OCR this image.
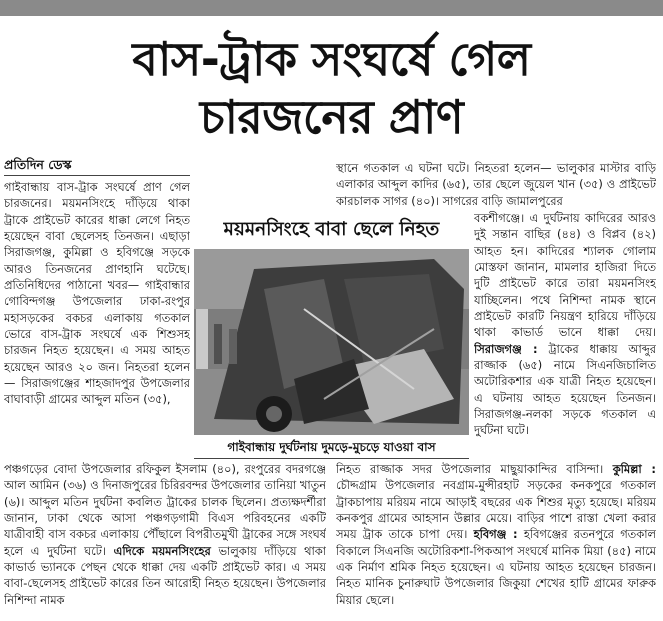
বাস-ট্রাক সংঘর্ষে গেল
চারজনের প্রাণ
প্রতিদিন ডেস্ক

গাইবান্ধায় বাস-ট্রাক সংঘর্ষে প্রাণ গেল চারজনের। ময়মনসিংহে দাঁড়িয়ে থাকা ট্রাকে প্রাইভেট কারের ধাক্কা লেগে নিহত হয়েছেন বাবা ছেলেসহ তিনজন। এছাড়া সিরাজগঞ্জ, কুমিল্লা ও হবিগঞ্জে সড়কে আরও তিনজনের প্রাণহানি ঘটেছে। প্রতিনিধিদের পাঠানো খবর— গাইবান্ধার গোবিন্দগঞ্জ উপজেলার ঢাকা-রংপুর মহাসড়কের বকচর এলাকায় গতকাল ভোরে বাস-ট্রাক সংঘর্ষে এক শিশুসহ চারজন নিহত হয়েছেন। এ সময় আহত হয়েছেন আরও ২০ জন। নিহতরা হলেন— সিরাজগঞ্জের শাহজাদপুর উপজেলার বাঘাবাড়ী গ্রামের আব্দুল মতিন (৩৫),

স্থানে গতকাল এ ঘটনা ঘটে। নিহতরা হলেন— ভালুকার মাস্টার বাড়ি এলাকার আব্দুল কাদির (৬৫), তার ছেলে জুয়েল খান (৩৫) ও প্রাইভেট কারচালক সাগর (৪০)। সাগরের বাড়ি জামালপুরের

ময়মনসিংহে বাবা ছেলে নিহত
গাইবান্ধায় দুর্ঘটনায় দুমড়ে-মুচড়ে যাওয়া বাস

বকশীগঞ্জে। এ দুর্ঘটনায় কাদিরের আরও দুই সন্তান বাছির (৪৪) ও বিপ্লব (৪২) আহত হন। কাদিরের শ্যালক গোলাম মোস্তফা জানান, মামলার হাজিরা দিতে দুটি প্রাইভেট কারে তারা ময়মনসিংহ যাচ্ছিলেন। পথে নিশিন্দা নামক স্থানে প্রাইভেট কারটি নিয়ন্ত্রণ হারিয়ে দাঁড়িয়ে থাকা কাভার্ড ভানে ধাক্কা দেয়। সিরাজগঞ্জ : ট্রাকের ধাক্কায় আব্দুর রাজ্জাক (৬৫) নামে সিএনজিচালিত অটোরিকশার এক যাত্রী নিহত হয়েছেন। এ ঘটনায় আহত হয়েছেন তিনজন। সিরাজগঞ্জ-নলকা সড়কে গতকাল এ দুর্ঘটনা ঘটে।

পঞ্চগড়ের বোদা উপজেলার রফিকুল ইসলাম (৪০), রংপুরের বদরগঞ্জে আল আমিন (৩৬) ও দিনাজপুরের চিরিরবন্দর উপজেলার তানিয়া খাতুন (৬)। আব্দুল মতিন দুর্ঘটনা কবলিত ট্রাকের চালক ছিলেন। প্রত্যক্ষদর্শীরা জানান, ঢাকা থেকে আসা পঞ্চগড়গামী বিএস পরিবহনের একটি যাত্রীবাহী বাস বকচর এলাকায় পৌঁছালে বিপরীতমুখী ট্রাকের সঙ্গে সংঘর্ষ হলে এ দুর্ঘটনা ঘটে। এদিকে ময়মনসিংহের ভালুকায় দাঁড়িয়ে থাকা কাভার্ড ভ্যানকে পেছন থেকে ধাক্কা দেয় একটি প্রাইভেট কার। এ সময় বাবা-ছেলেসহ প্রাইভেট কারের তিন আরোহী নিহত হয়েছেন। উপজেলার নিশিন্দা নামক

নিহত রাজ্জাক সদর উপজেলার মাছুয়াকান্দির বাসিন্দা। কুমিল্লা : চৌদ্দগ্রাম উপজেলার নবগ্রাম-মুন্সীরহাট সড়কের কনকপুরে গতকাল ট্রাকচাপায় মরিয়ম নামে আড়াই বছরের এক শিশুর মৃত্যু হয়েছে। মরিয়ম কনকপুর গ্রামের আহসান উল্লার মেয়ে। বাড়ির পাশে রাস্তা খেলা করার সময় ট্রাক তাকে চাপা দেয়। হবিগঞ্জ : হবিগঞ্জের রতনপুরে গতকাল বিকালে সিএনজি অটোরিকশা-পিকআপ সংঘর্ষে মানিক মিয়া (৪৫) নামে এক নির্মাণ শ্রমিক নিহত হয়েছেন। এ ঘটনায় আহত হয়েছেন চারজন। নিহত মানিক চুনারুঘাট উপজেলার জিকুয়া শেখের হাটি গ্রামের ফারুক মিয়ার ছেলে।
